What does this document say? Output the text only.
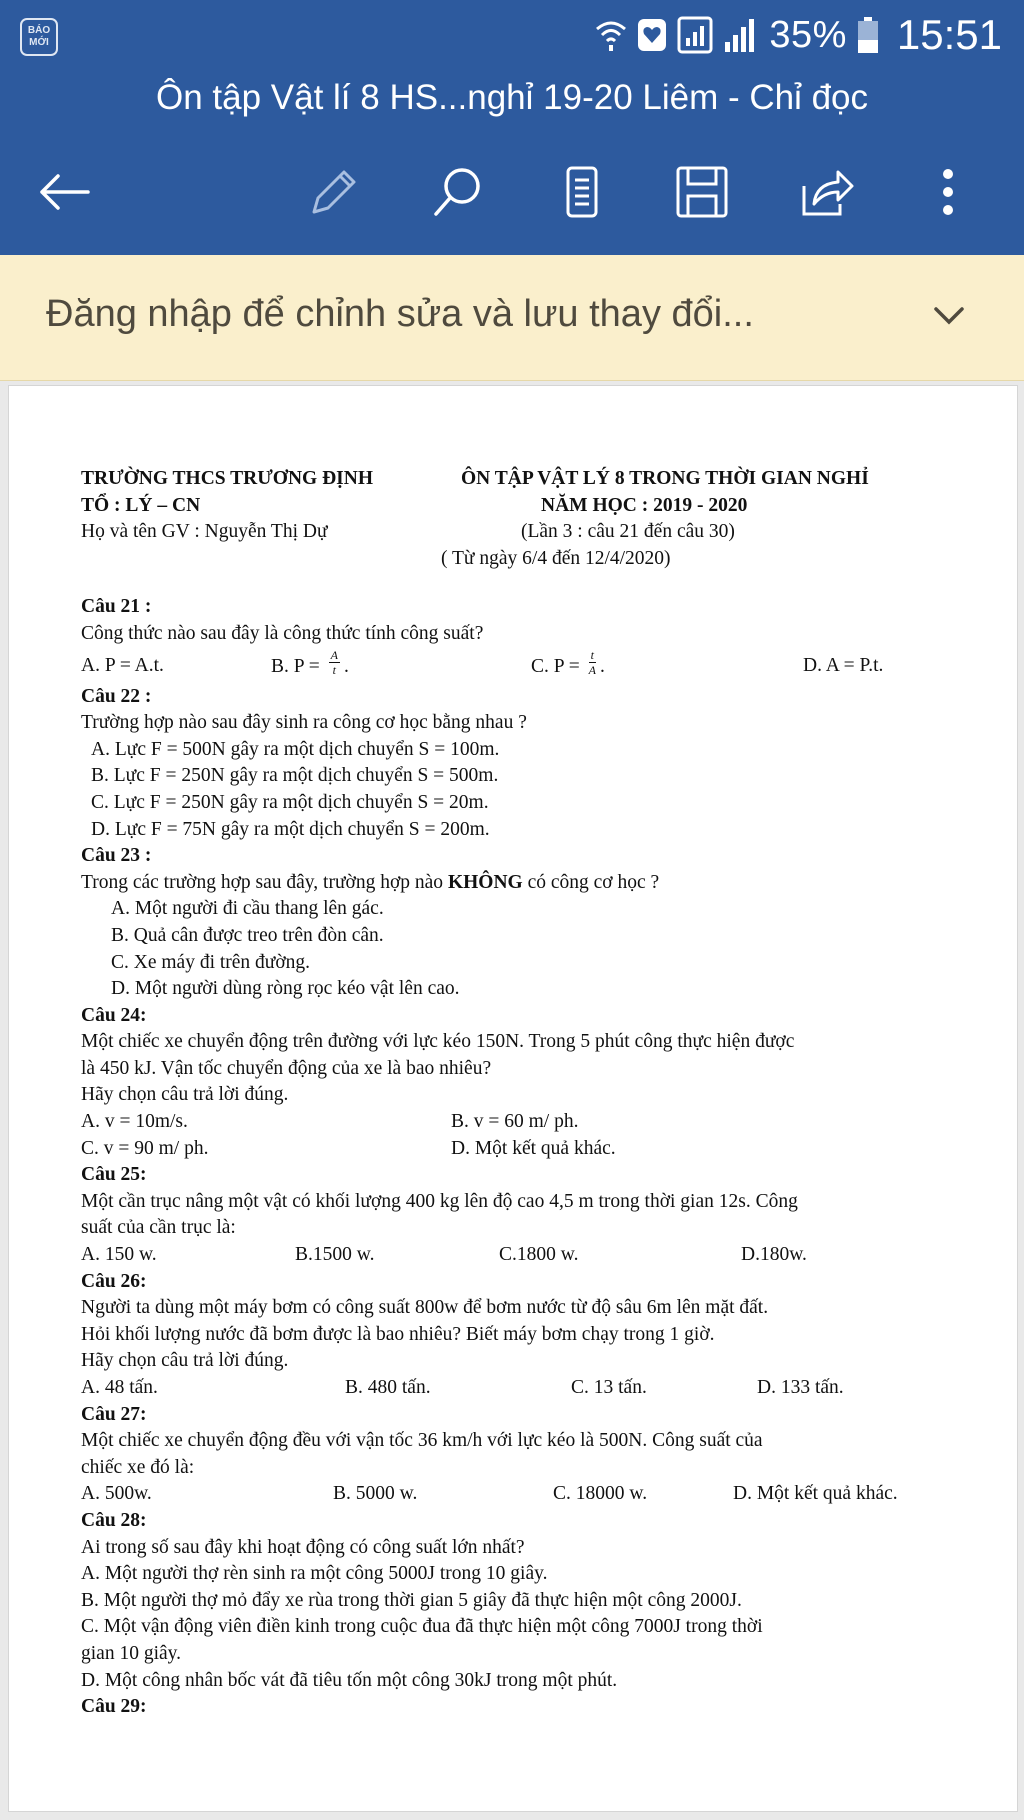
BÁO MỚI	35% 15:51
Ôn tập Vật lí 8 HS...nghỉ 19-20 Liêm - Chỉ đọc
Đăng nhập để chỉnh sửa và lưu thay đổi...
TRƯỜNG THCS TRƯƠNG ĐỊNH	ÔN TẬP VẬT LÝ 8 TRONG THỜI GIAN NGHỈ
TỔ : LÝ – CN	NĂM HỌC : 2019 - 2020
Họ và tên GV : Nguyễn Thị Dự	(Lần 3 : câu 21 đến câu 30)
( Từ ngày 6/4 đến 12/4/2020)
Câu 21 :
Công thức nào sau đây là công thức tính công suất?
A. P = A.t.	B. $P = \frac{A}{t}$ .	C. $P = \frac{t}{A}$ .	D. A = P.t.
Câu 22 :
Trường hợp nào sau đây sinh ra công cơ học bằng nhau ?
A. Lực F = 500N gây ra một dịch chuyển S = 100m.
B. Lực F = 250N gây ra một dịch chuyển S = 500m.
C. Lực F = 250N gây ra một dịch chuyển S = 20m.
D. Lực F = 75N gây ra một dịch chuyển S = 200m.
Câu 23 :
Trong các trường hợp sau đây, trường hợp nào KHÔNG có công cơ học ?
A. Một người đi cầu thang lên gác.
B. Quả cân được treo trên đòn cân.
C. Xe máy đi trên đường.
D. Một người dùng ròng rọc kéo vật lên cao.
Câu 24:
Một chiếc xe chuyển động trên đường với lực kéo 150N. Trong 5 phút công thực hiện được
là 450 kJ. Vận tốc chuyển động của xe là bao nhiêu?
Hãy chọn câu trả lời đúng.
A. v = 10m/s.	B. v = 60 m/ ph.
C. v = 90 m/ ph.	D. Một kết quả khác.
Câu 25:
Một cần trục nâng một vật có khối lượng 400 kg lên độ cao 4,5 m trong thời gian 12s. Công
suất của cần trục là:
A. 150 w.	B.1500 w.	C.1800 w.	D.180w.
Câu 26:
Người ta dùng một máy bơm có công suất 800w để bơm nước từ độ sâu 6m lên mặt đất.
Hỏi khối lượng nước đã bơm được là bao nhiêu? Biết máy bơm chạy trong 1 giờ.
Hãy chọn câu trả lời đúng.
A. 48 tấn.	B. 480 tấn.	C. 13 tấn.	D. 133 tấn.
Câu 27:
Một chiếc xe chuyển động đều với vận tốc 36 km/h với lực kéo là 500N. Công suất của
chiếc xe đó là:
A. 500w.	B. 5000 w.	C. 18000 w.	D. Một kết quả khác.
Câu 28:
Ai trong số sau đây khi hoạt động có công suất lớn nhất?
A. Một người thợ rèn sinh ra một công 5000J trong 10 giây.
B. Một người thợ mỏ đẩy xe rùa trong thời gian 5 giây đã thực hiện một công 2000J.
C. Một vận động viên điền kinh trong cuộc đua đã thực hiện một công 7000J trong thời
gian 10 giây.
D. Một công nhân bốc vát đã tiêu tốn một công 30kJ trong một phút.
Câu 29:
